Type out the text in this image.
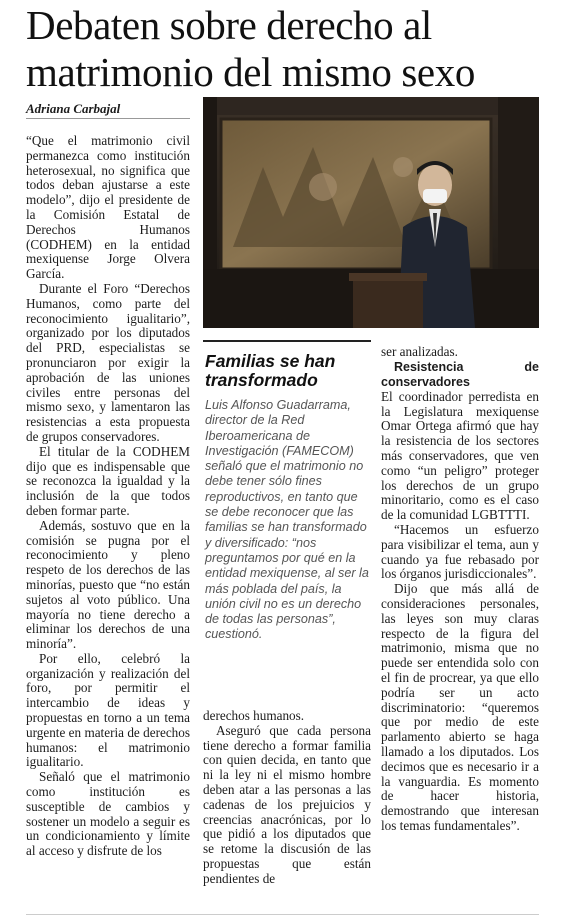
Debaten sobre derecho al matrimonio del mismo sexo
Adriana Carbajal

“Que el matrimonio civil permanezca como institución heterosexual, no significa que todos deban ajustarse a este modelo”, dijo el presidente de la Comisión Estatal de Derechos Humanos (CODHEM) en la entidad mexiquense Jorge Olvera García.

Durante el Foro “Derechos Humanos, como parte del reconocimiento igualitario”, organizado por los diputados del PRD, especialistas se pronunciaron por exigir la aprobación de las uniones civiles entre personas del mismo sexo, y lamentaron las resistencias a esta propuesta de grupos conservadores.

El titular de la CODHEM dijo que es indispensable que se reconozca la igualdad y la inclusión de la que todos deben formar parte.

Además, sostuvo que en la comisión se pugna por el reconocimiento y pleno respeto de los derechos de las minorías, puesto que “no están sujetos al voto público. Una mayoría no tiene derecho a eliminar los derechos de una minoría”.

Por ello, celebró la organización y realización del foro, por permitir el intercambio de ideas y propuestas en torno a un tema urgente en materia de derechos humanos: el matrimonio igualitario.

Señaló que el matrimonio como institución es susceptible de cambios y sostener un modelo a seguir es un condicionamiento y límite al acceso y disfrute de los

Familias se han transformado

Luis Alfonso Guadarrama, director de la Red Iberoamericana de Investigación (FAMECOM) señaló que el matrimonio no debe tener sólo fines reproductivos, en tanto que se debe reconocer que las familias se han transformado y diversificado: “nos preguntamos por qué en la entidad mexiquense, al ser la más poblada del país, la unión civil no es un derecho de todas las personas”, cuestionó.

derechos humanos.

Aseguró que cada persona tiene derecho a formar familia con quien decida, en tanto que ni la ley ni el mismo hombre deben atar a las personas a las cadenas de los prejuicios y creencias anacrónicas, por lo que pidió a los diputados que se retome la discusión de las propuestas que están pendientes de

ser analizadas.

Resistencia de conservadores

El coordinador perredista en la Legislatura mexiquense Omar Ortega afirmó que hay la resistencia de los sectores más conservadores, que ven como “un peligro” proteger los derechos de un grupo minoritario, como es el caso de la comunidad LGBTTTI.

“Hacemos un esfuerzo para visibilizar el tema, aun y cuando ya fue rebasado por los órganos jurisdiccionales”.

Dijo que más allá de consideraciones personales, las leyes son muy claras respecto de la figura del matrimonio, misma que no puede ser entendida solo con el fin de procrear, ya que ello podría ser un acto discriminatorio: “queremos que por medio de este parlamento abierto se haga llamado a los diputados. Los decimos que es necesario ir a la vanguardia. Es momento de hacer historia, demostrando que interesan los temas fundamentales”.
